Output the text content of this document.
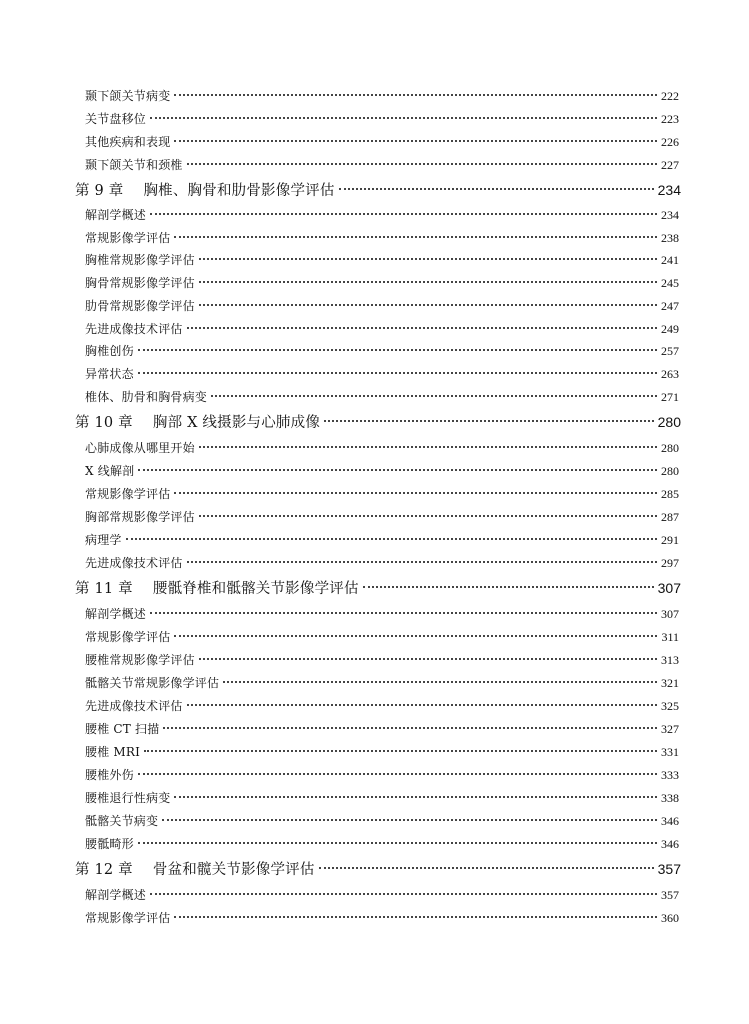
颞下颌关节病变	222
关节盘移位	223
其他疾病和表现	226
颞下颌关节和颈椎	227
第 9 章 胸椎、胸骨和肋骨影像学评估	234
解剖学概述	234
常规影像学评估	238
胸椎常规影像学评估	241
胸骨常规影像学评估	245
肋骨常规影像学评估	247
先进成像技术评估	249
胸椎创伤	257
异常状态	263
椎体、肋骨和胸骨病变	271
第 10 章 胸部 X 线摄影与心肺成像	280
心肺成像从哪里开始	280
X 线解剖	280
常规影像学评估	285
胸部常规影像学评估	287
病理学	291
先进成像技术评估	297
第 11 章 腰骶脊椎和骶髂关节影像学评估	307
解剖学概述	307
常规影像学评估	311
腰椎常规影像学评估	313
骶髂关节常规影像学评估	321
先进成像技术评估	325
腰椎 CT 扫描	327
腰椎 MRI	331
腰椎外伤	333
腰椎退行性病变	338
骶髂关节病变	346
腰骶畸形	346
第 12 章 骨盆和髋关节影像学评估	357
解剖学概述	357
常规影像学评估	360
